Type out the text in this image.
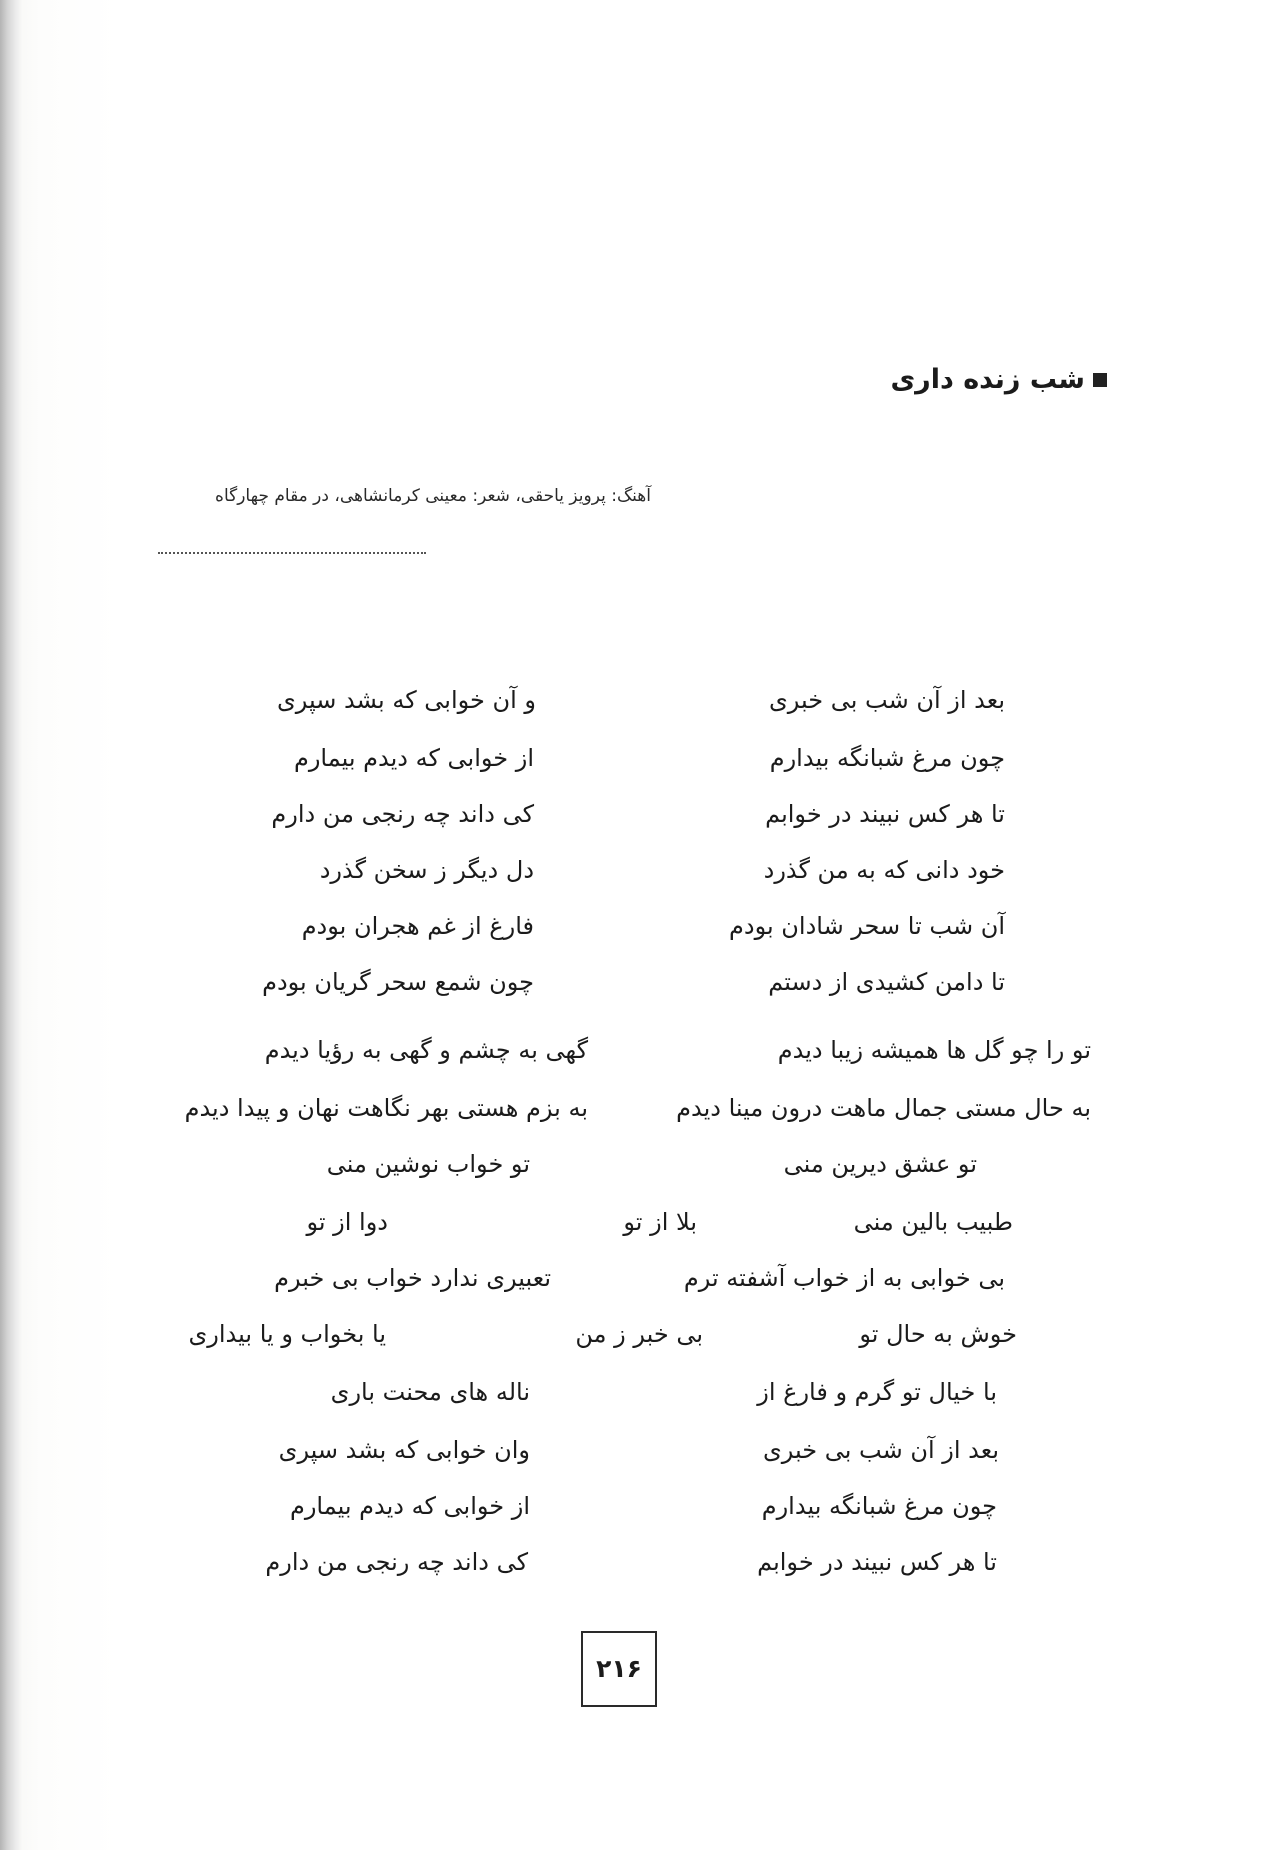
شب زنده داری
آهنگ: پرویز یاحقی، شعر: معینی کرمانشاهی، در مقام چهارگاه
بعد از آن شب بی خبری
چون مرغ شبانگه بیدارم
تا هر کس نبیند در خوابم
خود دانی که به من گذرد
آن شب تا سحر شادان بودم
تا دامن کشیدی از دستم
تو را چو گل ها همیشه زیبا دیدم
به حال مستی جمال ماهت درون مینا دیدم
تو عشق دیرین منی
طبیب بالین منی
بی خوابی به از خواب آشفته ترم
خوش به حال تو
با خیال تو گرم و فارغ از
بعد از آن شب بی خبری
چون مرغ شبانگه بیدارم
تا هر کس نبیند در خوابم
بلا از تو
بی خبر ز من
و آن خوابی که بشد سپری
از خوابی که دیدم بیمارم
کی داند چه رنجی من دارم
دل دیگر ز سخن گذرد
فارغ از غم هجران بودم
چون شمع سحر گریان بودم
گهی به چشم و گهی به رؤیا دیدم
به بزم هستی بهر نگاهت نهان و پیدا دیدم
تو خواب نوشین منی
دوا از تو
تعبیری ندارد خواب بی خبرم
یا بخواب و یا بیداری
ناله های محنت باری
وان خوابی که بشد سپری
از خوابی که دیدم بیمارم
کی داند چه رنجی من دارم
۲۱۶
